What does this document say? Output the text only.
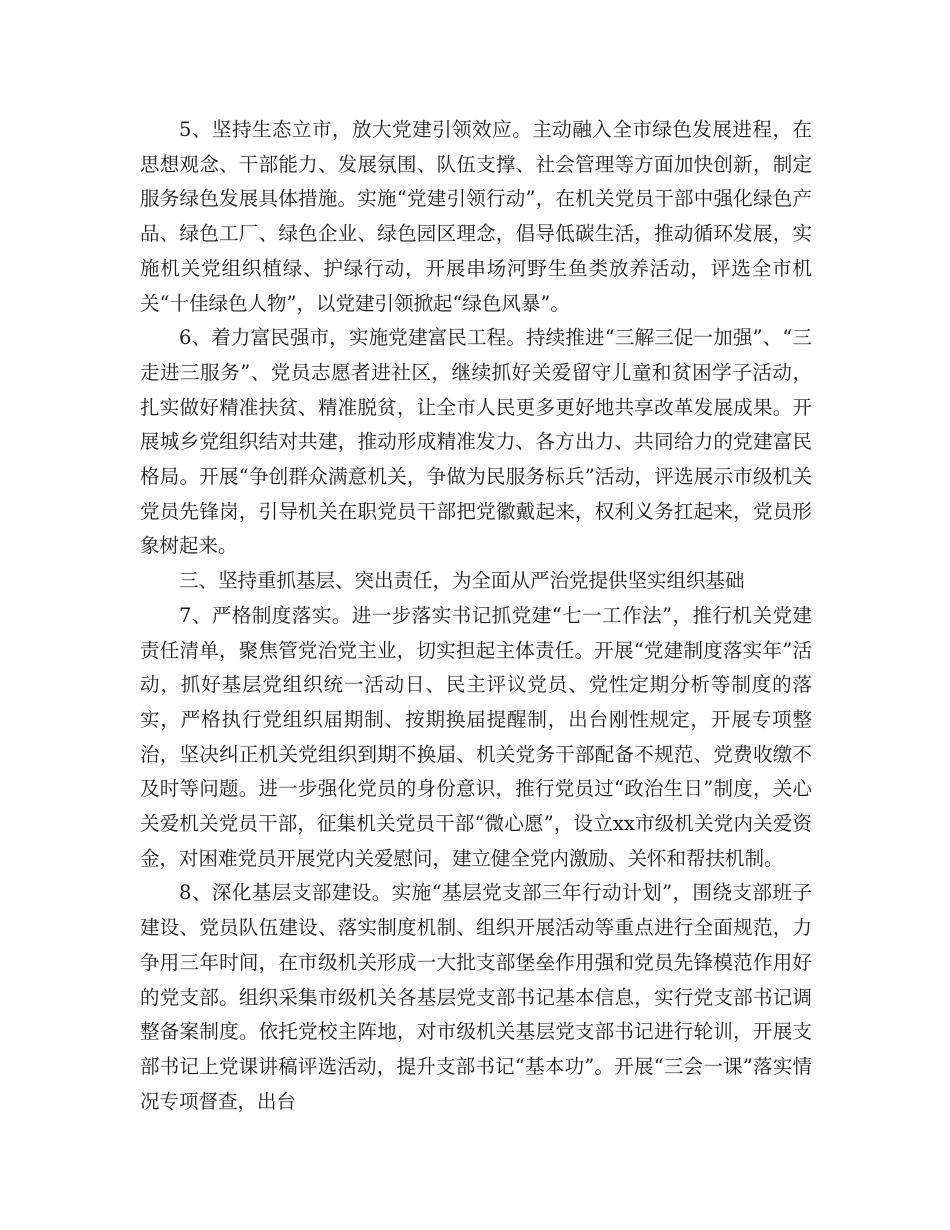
5、坚持生态立市，放大党建引领效应。主动融入全市绿色发展进程，在思想观念、干部能力、发展氛围、队伍支撑、社会管理等方面加快创新，制定服务绿色发展具体措施。实施“党建引领行动”，在机关党员干部中强化绿色产品、绿色工厂、绿色企业、绿色园区理念，倡导低碳生活，推动循环发展，实施机关党组织植绿、护绿行动，开展串场河野生鱼类放养活动，评选全市机关“十佳绿色人物”，以党建引领掀起“绿色风暴”。

6、着力富民强市，实施党建富民工程。持续推进“三解三促一加强”、“三走进三服务”、党员志愿者进社区，继续抓好关爱留守儿童和贫困学子活动，扎实做好精准扶贫、精准脱贫，让全市人民更多更好地共享改革发展成果。开展城乡党组织结对共建，推动形成精准发力、各方出力、共同给力的党建富民格局。开展“争创群众满意机关，争做为民服务标兵”活动，评选展示市级机关党员先锋岗，引导机关在职党员干部把党徽戴起来，权利义务扛起来，党员形象树起来。

三、坚持重抓基层、突出责任，为全面从严治党提供坚实组织基础

7、严格制度落实。进一步落实书记抓党建“七一工作法”，推行机关党建责任清单，聚焦管党治党主业，切实担起主体责任。开展“党建制度落实年”活动，抓好基层党组织统一活动日、民主评议党员、党性定期分析等制度的落实，严格执行党组织届期制、按期换届提醒制，出台刚性规定，开展专项整治，坚决纠正机关党组织到期不换届、机关党务干部配备不规范、党费收缴不及时等问题。进一步强化党员的身份意识，推行党员过“政治生日”制度，关心关爱机关党员干部，征集机关党员干部“微心愿”，设立xx市级机关党内关爱资金，对困难党员开展党内关爱慰问，建立健全党内激励、关怀和帮扶机制。

8、深化基层支部建设。实施“基层党支部三年行动计划”，围绕支部班子建设、党员队伍建设、落实制度机制、组织开展活动等重点进行全面规范，力争用三年时间，在市级机关形成一大批支部堡垒作用强和党员先锋模范作用好的党支部。组织采集市级机关各基层党支部书记基本信息，实行党支部书记调整备案制度。依托党校主阵地，对市级机关基层党支部书记进行轮训，开展支部书记上党课讲稿评选活动，提升支部书记“基本功”。开展“三会一课”落实情况专项督查，出台
